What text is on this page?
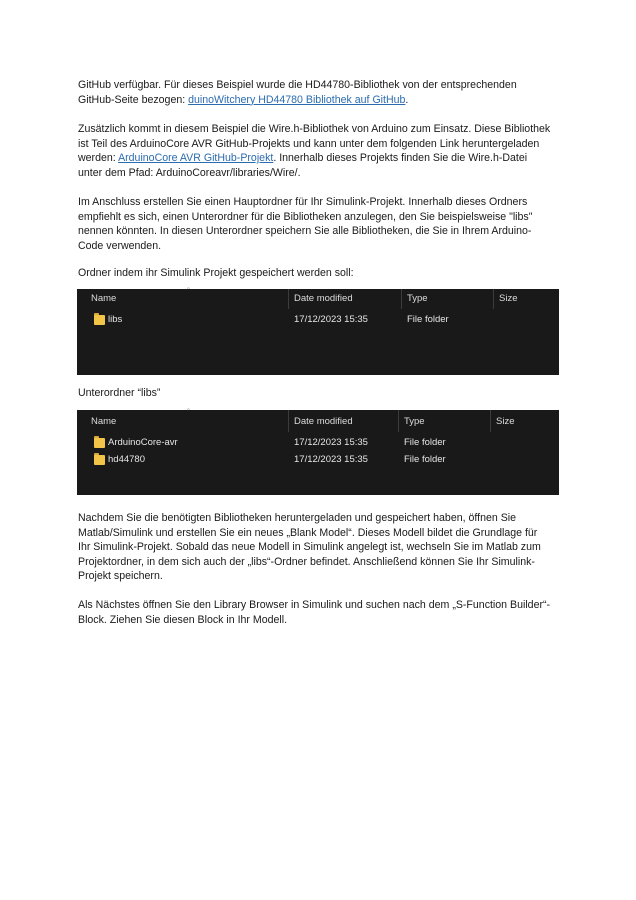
GitHub verfügbar. Für dieses Beispiel wurde die HD44780-Bibliothek von der entsprechenden
GitHub-Seite bezogen: duinoWitchery HD44780 Bibliothek auf GitHub.

Zusätzlich kommt in diesem Beispiel die Wire.h-Bibliothek von Arduino zum Einsatz. Diese Bibliothek
ist Teil des ArduinoCore AVR GitHub-Projekts und kann unter dem folgenden Link heruntergeladen
werden: ArduinoCore AVR GitHub-Projekt. Innerhalb dieses Projekts finden Sie die Wire.h-Datei
unter dem Pfad: ArduinoCoreavr/libraries/Wire/.

Im Anschluss erstellen Sie einen Hauptordner für Ihr Simulink-Projekt. Innerhalb dieses Ordners
empfiehlt es sich, einen Unterordner für die Bibliotheken anzulegen, den Sie beispielsweise "libs"
nennen könnten. In diesen Unterordner speichern Sie alle Bibliotheken, die Sie in Ihrem Arduino-
Code verwenden.

Ordner indem ihr Simulink Projekt gespeichert werden soll:

⌃
Name	Date modified	Type	Size
libs	17/12/2023 15:35	File folder

Unterordner “libs”

⌃
Name	Date modified	Type	Size
ArduinoCore-avr	17/12/2023 15:35	File folder
hd44780	17/12/2023 15:35	File folder

Nachdem Sie die benötigten Bibliotheken heruntergeladen und gespeichert haben, öffnen Sie
Matlab/Simulink und erstellen Sie ein neues „Blank Model“. Dieses Modell bildet die Grundlage für
Ihr Simulink-Projekt. Sobald das neue Modell in Simulink angelegt ist, wechseln Sie im Matlab zum
Projektordner, in dem sich auch der „libs“-Ordner befindet. Anschließend können Sie Ihr Simulink-
Projekt speichern.

Als Nächstes öffnen Sie den Library Browser in Simulink und suchen nach dem „S-Function Builder“-
Block. Ziehen Sie diesen Block in Ihr Modell.
